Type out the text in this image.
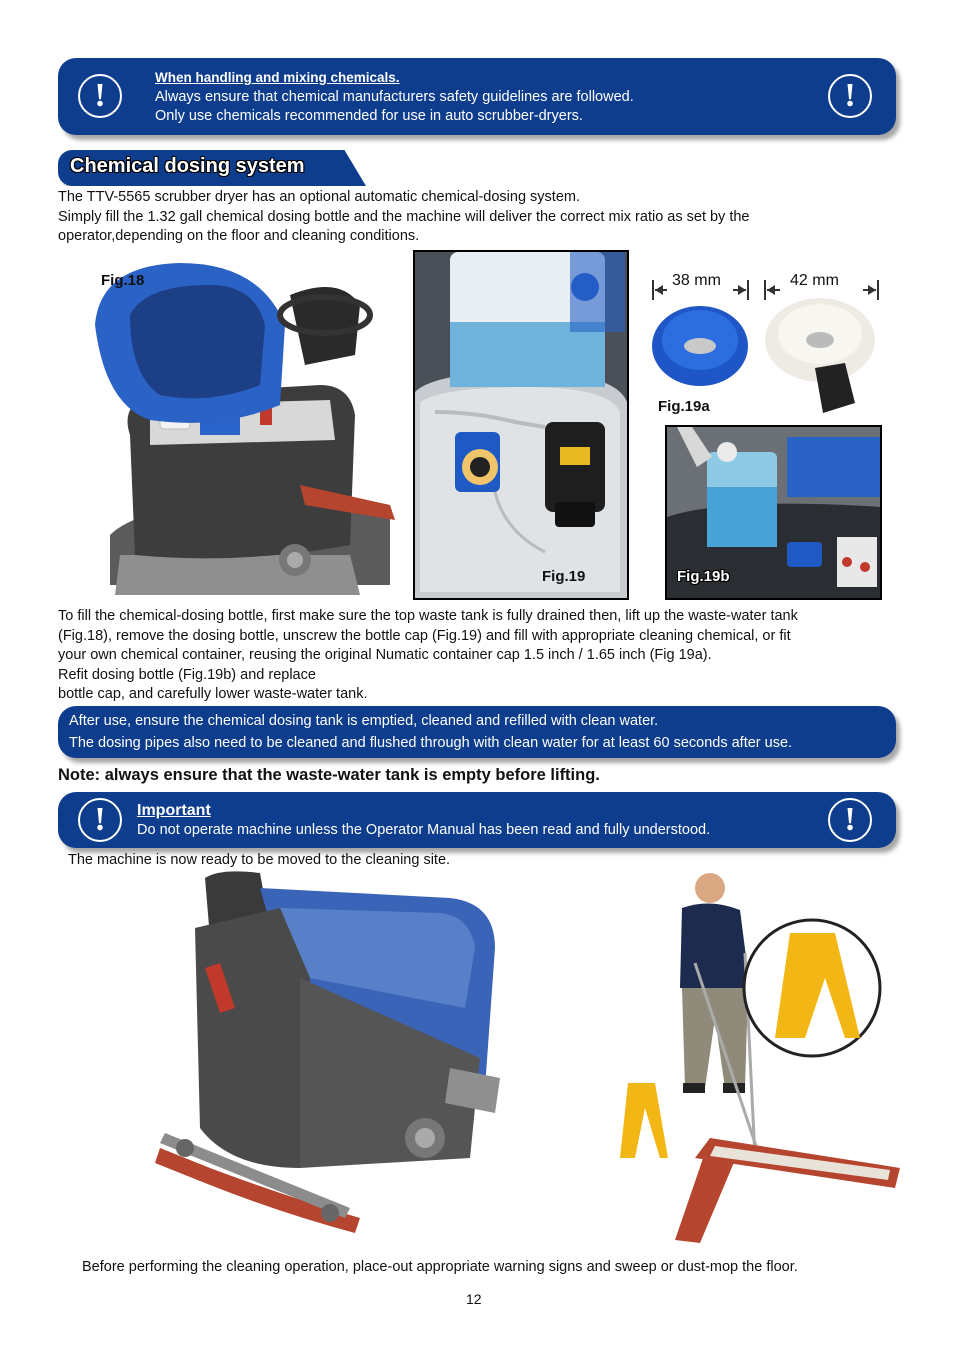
!	When handling and mixing chemicals.
Always ensure that chemical manufacturers safety guidelines are followed.
Only use chemicals recommended for use in auto scrubber-dryers.
!
Chemical dosing system
The TTV-5565 scrubber dryer has an optional automatic chemical-dosing system.
Simply fill the 1.32 gall chemical dosing bottle and the machine will deliver the correct mix ratio as set by the
operator,depending on the floor and cleaning conditions.
Fig.18
Fig.19
38 mm	42 mm
Fig.19a
Fig.19b
To fill the chemical-dosing bottle, first make sure the top waste tank is fully drained then, lift up the waste-water tank
(Fig.18), remove the dosing bottle, unscrew the bottle cap (Fig.19) and fill with appropriate cleaning chemical, or fit
your own chemical container, reusing the original Numatic container cap 1.5 inch / 1.65 inch (Fig 19a).
Refit dosing bottle (Fig.19b) and replace
bottle cap, and carefully lower waste-water tank.
After use, ensure the chemical dosing tank is emptied, cleaned and refilled with clean water.
The dosing pipes also need to be cleaned and flushed through with clean water for at least 60 seconds after use.
Note: always ensure that the waste-water tank is empty before lifting.
!	Important
Do not operate machine unless the Operator Manual has been read and fully understood.	!
The machine is now ready to be moved to the cleaning site.
Before performing the cleaning operation, place-out appropriate warning signs and sweep or dust-mop the floor.
12
